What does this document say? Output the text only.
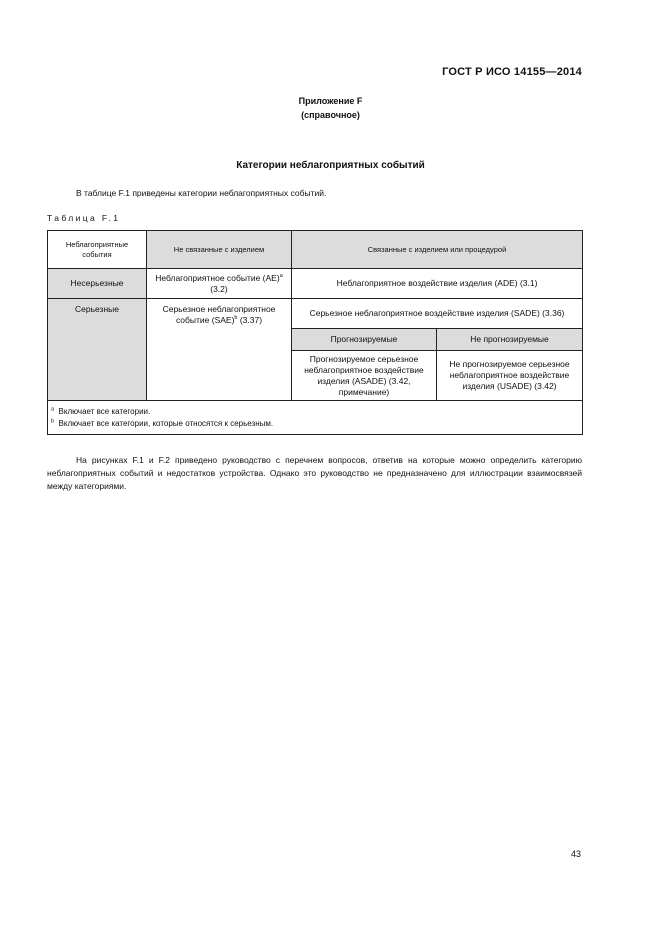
ГОСТ Р ИСО 14155—2014
Приложение F
(справочное)
Категории неблагоприятных событий
В таблице F.1 приведены категории неблагоприятных событий.
Таблица F.1
Неблагоприятные события	Не связанные с изделием	Связанные с изделием или процедурой	
Несерьезные	Неблагоприятное событие (AE)$^a$ (3.2)	Неблагоприятное воздействие изделия (ADE) (3.1)	
Серьезные	Серьезное неблагоприятное событие (SAE)$^b$ (3.37)	Серьезное неблагоприятное воздействие изделия (SADE) (3.36)	
		Прогнозируемые	Не прогнозируемые
		Прогнозируемое серьезное неблагоприятное воздействие изделия (ASADE) (3.42, примечание)	Не прогнозируемое серьезное неблагоприятное воздействие изделия (USADE) (3.42)

$^a$ Включает все категории.
$^b$ Включает все категории, которые относятся к серьезным.			
На рисунках F.1 и F.2 приведено руководство с перечнем вопросов, ответив на которые можно определить категорию неблагоприятных событий и недостатков устройства. Однако это руководство не предназначено для иллюстрации взаимосвязей между категориями.
43
